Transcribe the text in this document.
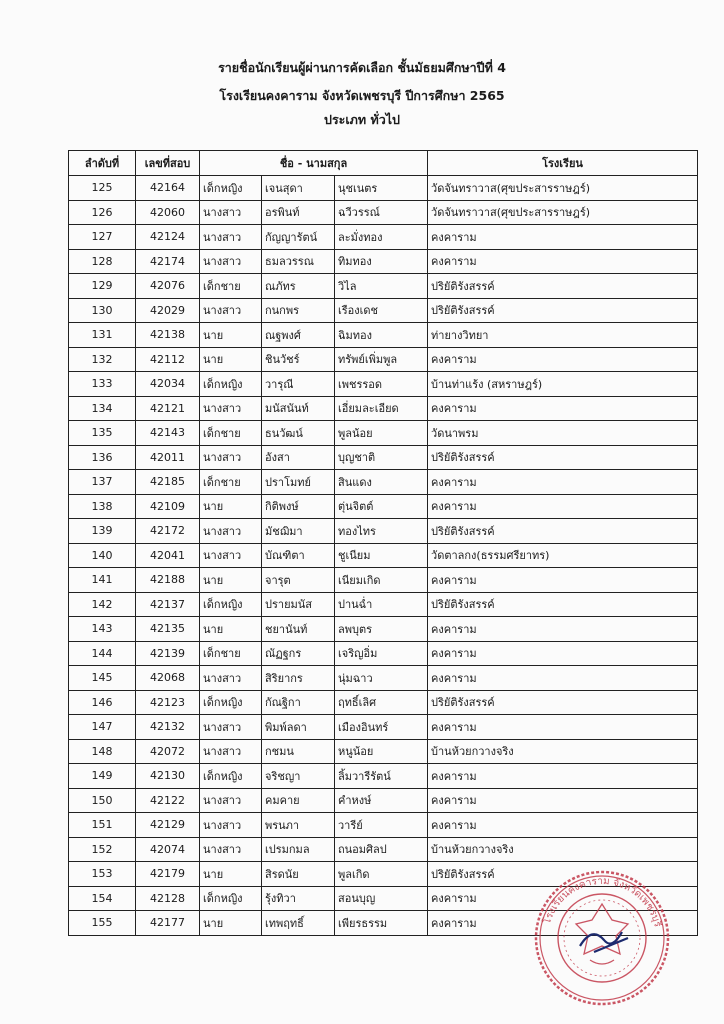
รายชื่อนักเรียนผู้ผ่านการคัดเลือก ชั้นมัธยมศึกษาปีที่ 4
โรงเรียนคงคาราม จังหวัดเพชรบุรี ปีการศึกษา 2565
ประเภท ทั่วไป
ลำดับที่	เลขที่สอบ	ชื่อ - นามสกุล			โรงเรียน
125	42164	เด็กหญิง	เจนสุดา	นุชเนตร	วัดจันทราวาส(ศุขประสารราษฎร์)
126	42060	นางสาว	อรพินท์	ฉวีวรรณ์	วัดจันทราวาส(ศุขประสารราษฎร์)
127	42124	นางสาว	กัญญารัตน์	ละมั่งทอง	คงคาราม
128	42174	นางสาว	ธมลวรรณ	ทิมทอง	คงคาราม
129	42076	เด็กชาย	ณภัทร	วิไล	ปริยัติรังสรรค์
130	42029	นางสาว	กนกพร	เรืองเดช	ปริยัติรังสรรค์
131	42138	นาย	ณฐพงศ์	ฉิมทอง	ท่ายางวิทยา
132	42112	นาย	ชินวัชร์	ทรัพย์เพิ่มพูล	คงคาราม
133	42034	เด็กหญิง	วารุณี	เพชรรอด	บ้านท่าแร้ง (สหราษฎร์)
134	42121	นางสาว	มนัสนันท์	เอี่ยมละเอียด	คงคาราม
135	42143	เด็กชาย	ธนวัฒน์	พูลน้อย	วัดนาพรม
136	42011	นางสาว	อังสา	บุญชาติ	ปริยัติรังสรรค์
137	42185	เด็กชาย	ปราโมทย์	สินแดง	คงคาราม
138	42109	นาย	กิติพงษ์	ตุ่นจิตต์	คงคาราม
139	42172	นางสาว	มัชฌิมา	ทองไทร	ปริยัติรังสรรค์
140	42041	นางสาว	บัณฑิตา	ชูเนียม	วัดตาลกง(ธรรมศรียาทร)
141	42188	นาย	จารุต	เนียมเกิด	คงคาราม
142	42137	เด็กหญิง	ปรายมนัส	ปานฉ่ำ	ปริยัติรังสรรค์
143	42135	นาย	ชยานันท์	ลพบุตร	คงคาราม
144	42139	เด็กชาย	ณัฏฐกร	เจริญอิ่ม	คงคาราม
145	42068	นางสาว	สิริยากร	นุ่มฉาว	คงคาราม
146	42123	เด็กหญิง	กัณฐิกา	ฤทธิ์เลิศ	ปริยัติรังสรรค์
147	42132	นางสาว	พิมพ์ลดา	เมืองอินทร์	คงคาราม
148	42072	นางสาว	กชมน	หนูน้อย	บ้านห้วยกวางจริง
149	42130	เด็กหญิง	จริชญา	ลิ้มวารีรัตน์	คงคาราม
150	42122	นางสาว	คมคาย	คำหงษ์	คงคาราม
151	42129	นางสาว	พรนภา	วารีย์	คงคาราม
152	42074	นางสาว	เปรมกมล	ถนอมศิลป	บ้านห้วยกวางจริง
153	42179	นาย	สิรดนัย	พูลเกิด	ปริยัติรังสรรค์
154	42128	เด็กหญิง	รุ้งทิวา	สอนบุญ	คงคาราม
155	42177	นาย	เทพฤทธิ์	เพียรธรรม	คงคาราม	โรงเรียนคงคาราม จังหวัดเพชรบุรี
